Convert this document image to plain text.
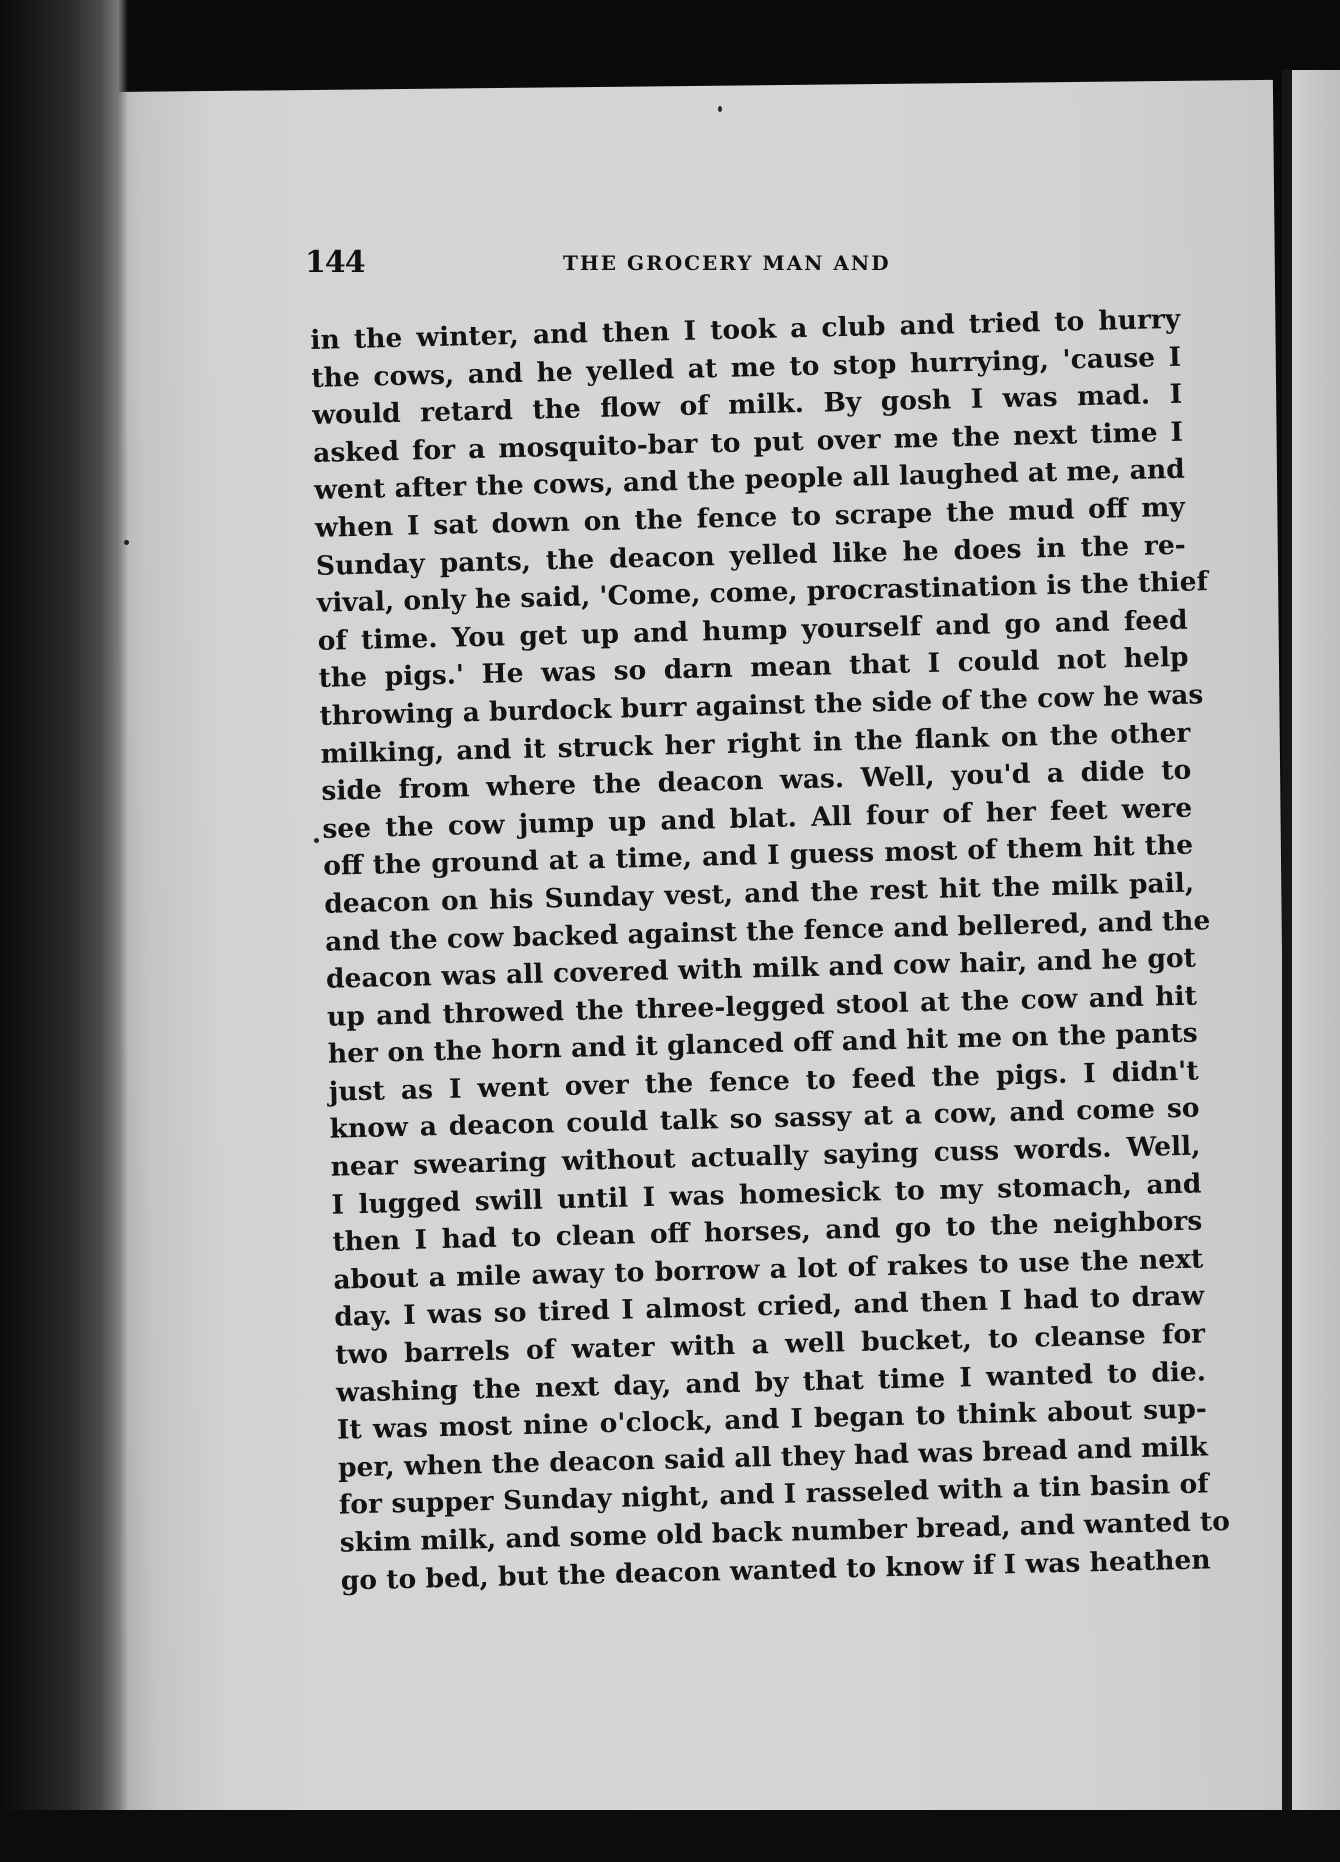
144	THE GROCERY MAN AND
in the winter, and then I took a club and tried to hurry
the cows, and he yelled at me to stop hurrying, 'cause I
would retard the flow of milk. By gosh I was mad. I
asked for a mosquito-bar to put over me the next time I
went after the cows, and the people all laughed at me, and
when I sat down on the fence to scrape the mud off my
Sunday pants, the deacon yelled like he does in the re-
vival, only he said, 'Come, come, procrastination is the thief
of time. You get up and hump yourself and go and feed
the pigs.' He was so darn mean that I could not help
throwing a burdock burr against the side of the cow he was
milking, and it struck her right in the flank on the other
side from where the deacon was. Well, you'd a dide to
see the cow jump up and blat. All four of her feet were
off the ground at a time, and I guess most of them hit the
deacon on his Sunday vest, and the rest hit the milk pail,
and the cow backed against the fence and bellered, and the
deacon was all covered with milk and cow hair, and he got
up and throwed the three-legged stool at the cow and hit
her on the horn and it glanced off and hit me on the pants
just as I went over the fence to feed the pigs. I didn't
know a deacon could talk so sassy at a cow, and come so
near swearing without actually saying cuss words. Well,
I lugged swill until I was homesick to my stomach, and
then I had to clean off horses, and go to the neighbors
about a mile away to borrow a lot of rakes to use the next
day. I was so tired I almost cried, and then I had to draw
two barrels of water with a well bucket, to cleanse for
washing the next day, and by that time I wanted to die.
It was most nine o'clock, and I began to think about sup-
per, when the deacon said all they had was bread and milk
for supper Sunday night, and I rasseled with a tin basin of
skim milk, and some old back number bread, and wanted to
go to bed, but the deacon wanted to know if I was heathen
